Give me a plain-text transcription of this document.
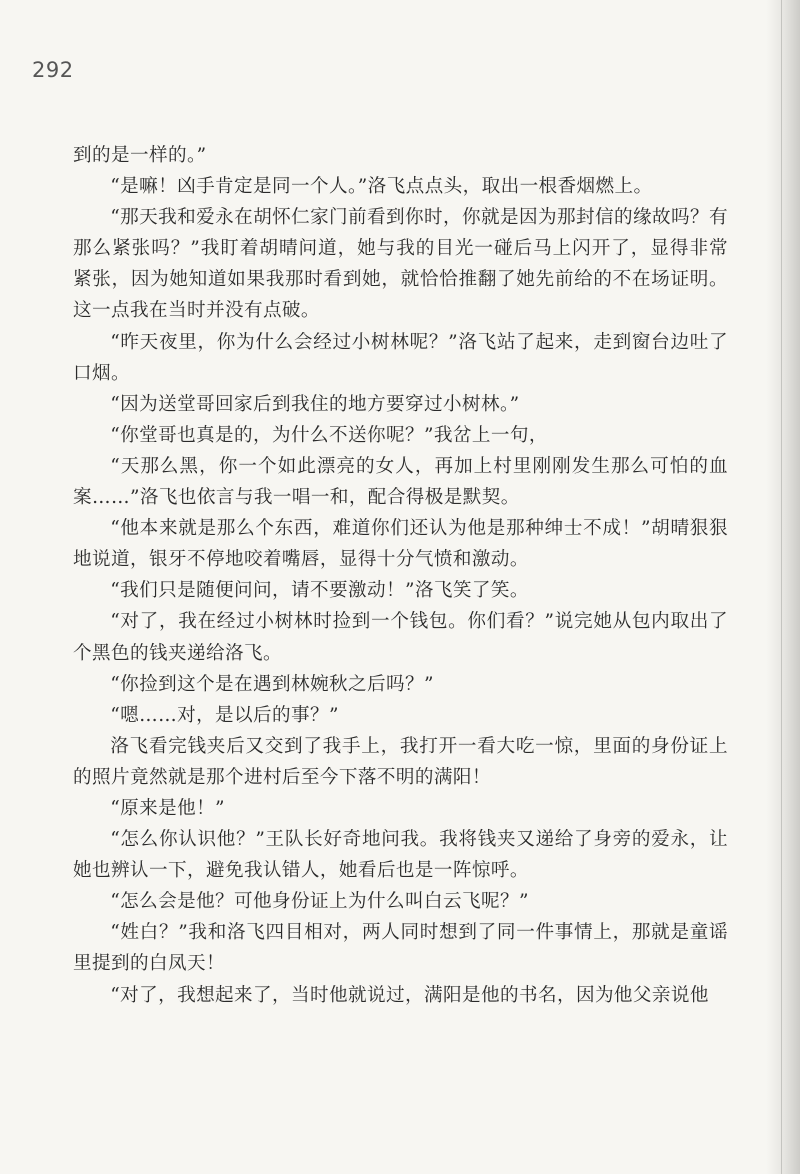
292

到的是一样的。”

“是嘛！凶手肯定是同一个人。”洛飞点点头，取出一根香烟燃上。

“那天我和爱永在胡怀仁家门前看到你时，你就是因为那封信的缘故吗？有那么紧张吗？”我盯着胡晴问道，她与我的目光一碰后马上闪开了，显得非常紧张，因为她知道如果我那时看到她，就恰恰推翻了她先前给的不在场证明。这一点我在当时并没有点破。

“昨天夜里，你为什么会经过小树林呢？”洛飞站了起来，走到窗台边吐了口烟。

“因为送堂哥回家后到我住的地方要穿过小树林。”

“你堂哥也真是的，为什么不送你呢？”我岔上一句，

“天那么黑，你一个如此漂亮的女人，再加上村里刚刚发生那么可怕的血案……”洛飞也依言与我一唱一和，配合得极是默契。

“他本来就是那么个东西，难道你们还认为他是那种绅士不成！”胡晴狠狠地说道，银牙不停地咬着嘴唇，显得十分气愤和激动。

“我们只是随便问问，请不要激动！”洛飞笑了笑。

“对了，我在经过小树林时捡到一个钱包。你们看？”说完她从包内取出了个黑色的钱夹递给洛飞。

“你捡到这个是在遇到林婉秋之后吗？”

“嗯……对，是以后的事？”

洛飞看完钱夹后又交到了我手上，我打开一看大吃一惊，里面的身份证上的照片竟然就是那个进村后至今下落不明的满阳！

“原来是他！”

“怎么你认识他？”王队长好奇地问我。我将钱夹又递给了身旁的爱永，让她也辨认一下，避免我认错人，她看后也是一阵惊呼。

“怎么会是他？可他身份证上为什么叫白云飞呢？”

“姓白？”我和洛飞四目相对，两人同时想到了同一件事情上，那就是童谣里提到的白凤天！

“对了，我想起来了，当时他就说过，满阳是他的书名，因为他父亲说他
